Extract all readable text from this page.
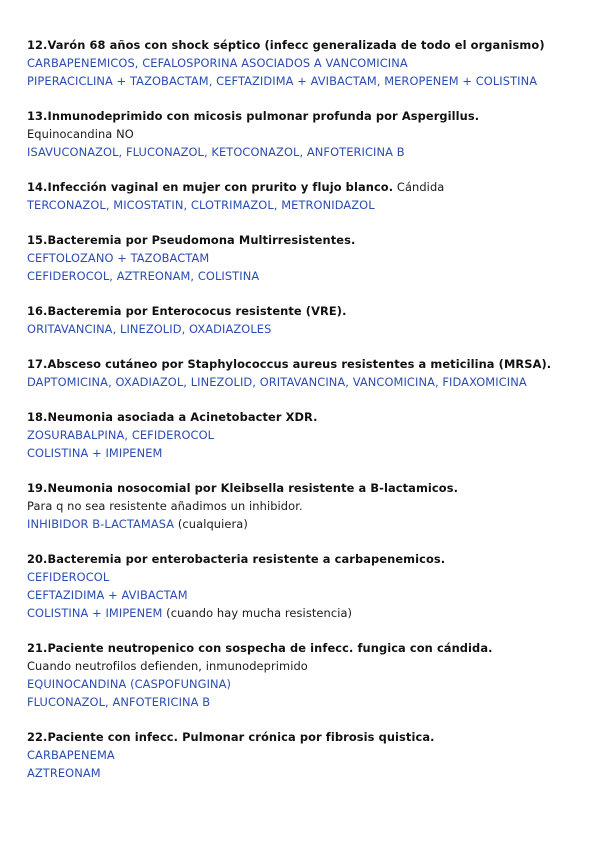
12.Varón 68 años con shock séptico (infecc generalizada de todo el organismo)
CARBAPENEMICOS, CEFALOSPORINA ASOCIADOS A VANCOMICINA
PIPERACICLINA + TAZOBACTAM, CEFTAZIDIMA + AVIBACTAM, MEROPENEM + COLISTINA
13.Inmunodeprimido con micosis pulmonar profunda por Aspergillus.
Equinocandina NO
ISAVUCONAZOL, FLUCONAZOL, KETOCONAZOL, ANFOTERICINA B
14.Infección vaginal en mujer con prurito y flujo blanco. Cándida
TERCONAZOL, MICOSTATIN, CLOTRIMAZOL, METRONIDAZOL
15.Bacteremia por Pseudomona Multirresistentes.
CEFTOLOZANO + TAZOBACTAM
CEFIDEROCOL, AZTREONAM, COLISTINA
16.Bacteremia por Enterococus resistente (VRE).
ORITAVANCINA, LINEZOLID, OXADIAZOLES
17.Absceso cutáneo por Staphylococcus aureus resistentes a meticilina (MRSA).
DAPTOMICINA, OXADIAZOL, LINEZOLID, ORITAVANCINA, VANCOMICINA, FIDAXOMICINA
18.Neumonia asociada a Acinetobacter XDR.
ZOSURABALPINA, CEFIDEROCOL
COLISTINA + IMIPENEM
19.Neumonia nosocomial por Kleibsella resistente a B-lactamicos.
Para q no sea resistente añadimos un inhibidor.
INHIBIDOR B-LACTAMASA (cualquiera)
20.Bacteremia por enterobacteria resistente a carbapenemicos.
CEFIDEROCOL
CEFTAZIDIMA + AVIBACTAM
COLISTINA + IMIPENEM (cuando hay mucha resistencia)
21.Paciente neutropenico con sospecha de infecc. fungica con cándida.
Cuando neutrofilos defienden, inmunodeprimido
EQUINOCANDINA (CASPOFUNGINA)
FLUCONAZOL, ANFOTERICINA B
22.Paciente con infecc. Pulmonar crónica por fibrosis quistica.
CARBAPENEMA
AZTREONAM
